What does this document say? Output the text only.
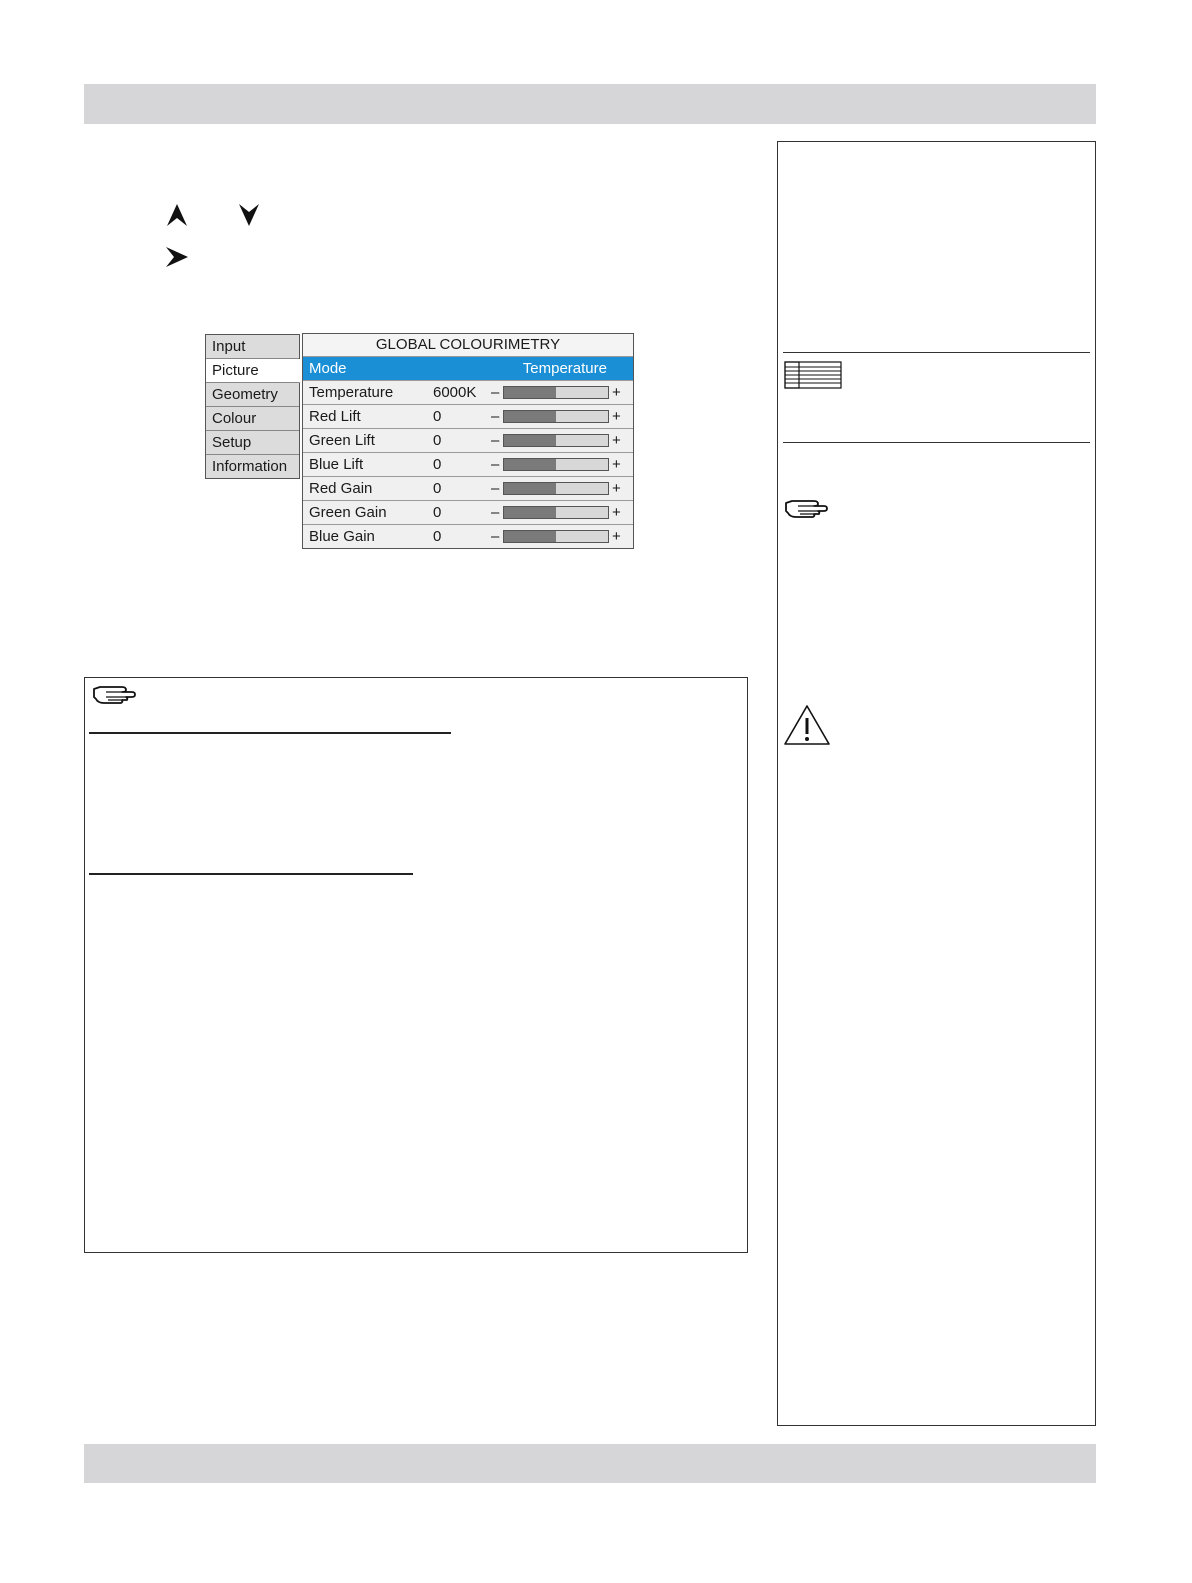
Input
Picture
Geometry
Colour
Setup
Information
GLOBAL COLOURIMETRY
Mode	Temperature
Temperature	6000K –	+
Red Lift	0	–	+
Green Lift	0	–	+
Blue Lift	0	–	+
Red Gain	0	–	+
Green Gain	0	–	+
Blue Gain	0	–	+
